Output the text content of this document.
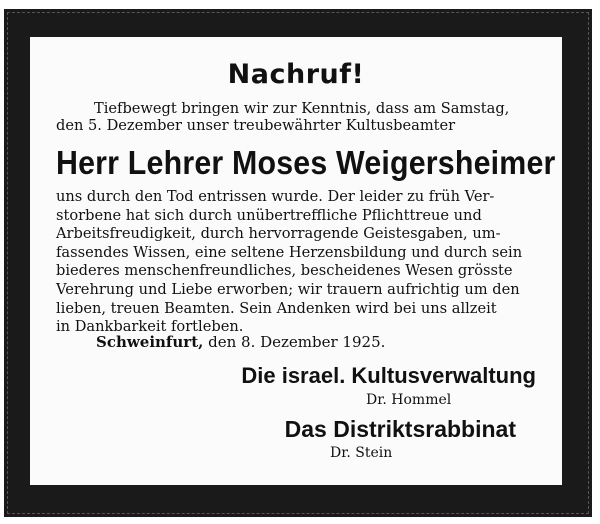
Nachruf!
Tiefbewegt bringen wir zur Kenntnis, dass am Samstag,
den 5. Dezember unser treubewährter Kultusbeamter
Herr Lehrer Moses Weigersheimer
uns durch den Tod entrissen wurde. Der leider zu früh Ver-
storbene hat sich durch unübertreffliche Pflichttreue und
Arbeitsfreudigkeit, durch hervorragende Geistesgaben, um-
fassendes Wissen, eine seltene Herzensbildung und durch sein
biederes menschenfreundliches, bescheidenes Wesen grösste
Verehrung und Liebe erworben; wir trauern aufrichtig um den
lieben, treuen Beamten. Sein Andenken wird bei uns allzeit
in Dankbarkeit fortleben.
Schweinfurt, den 8. Dezember 1925.
Die israel. Kultusverwaltung
Dr. Hommel
Das Distriktsrabbinat
Dr. Stein
